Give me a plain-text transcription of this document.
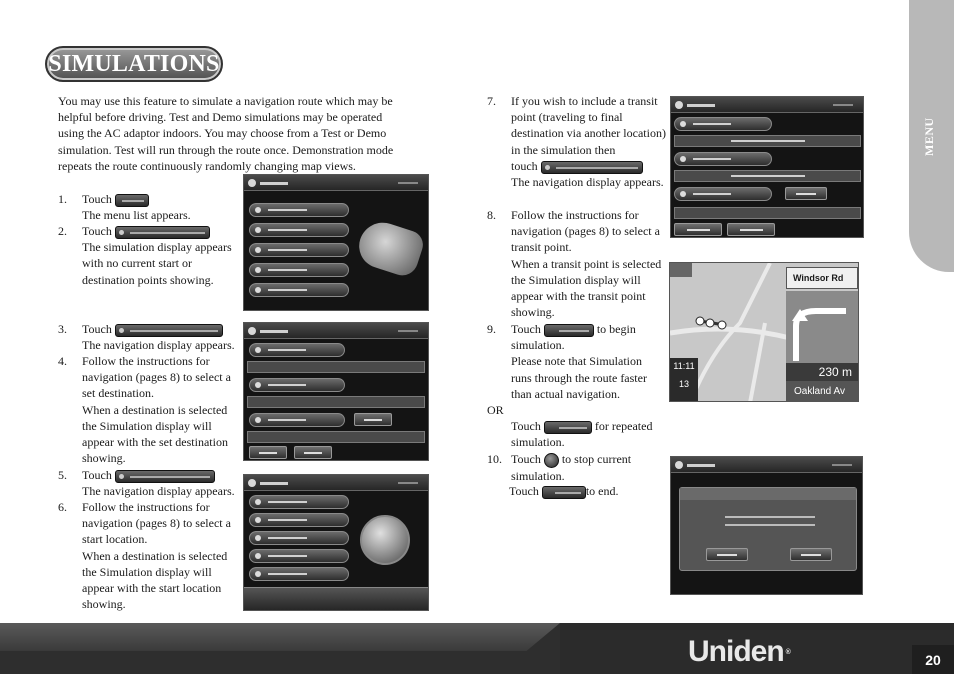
MENU
SIMULATIONS
You may use this feature to simulate a navigation route which may be
helpful before driving. Test and Demo simulations may be operated
using the AC adaptor indoors. You may choose from a Test or Demo
simulation. Test will run through the route once. Demonstration mode
repeats the route continuously randomly changing map views.
1. Touch
The menu list appears.
2. Touch
The simulation display appears
with no current start or
destination points showing.
3. Touch
The navigation display appears.
4. Follow the instructions for
navigation (pages 8) to select a
set destination.
When a destination is selected
the Simulation display will
appear with the set destination
showing.
5. Touch
The navigation display appears.
6. Follow the instructions for
navigation (pages 8) to select a
start location.
When a destination is selected
the Simulation display will
appear with the start location
showing.
7. If you wish to include a transit
point (traveling to final
destination via another location)
in the simulation then
touch
The navigation display appears.
8. Follow the instructions for
navigation (pages 8) to select a
transit point.
When a transit point is selected
the Simulation display will
appear with the transit point
showing.
9. Touch	to begin
simulation.
Please note that Simulation
runs through the route faster
than actual navigation.
OR
Touch	for repeated
simulation.
10. Touch to stop current
simulation.
Touch	to end.
11:11
13
Windsor Rd
230 m
Oakland Av
Uniden ®	20
